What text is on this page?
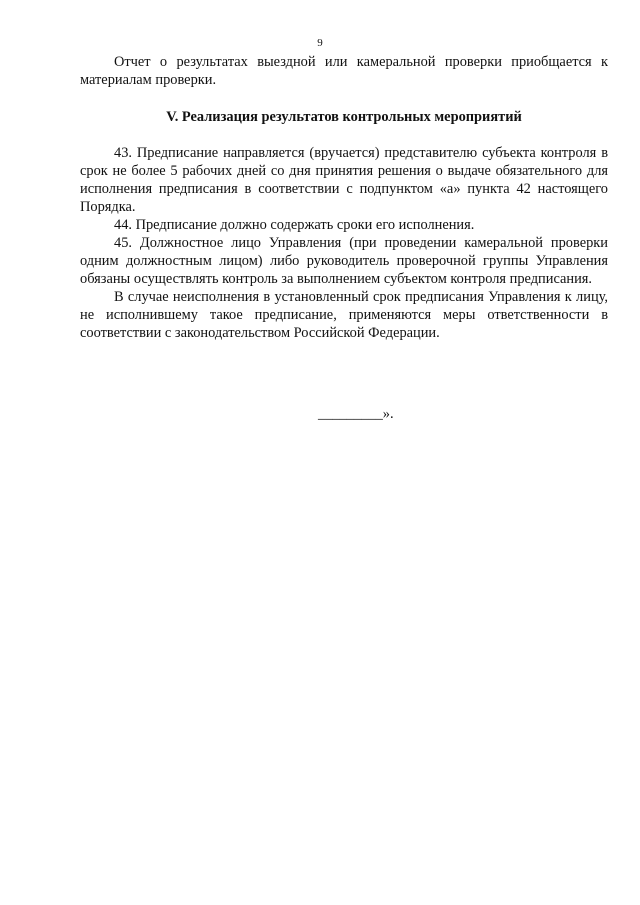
9

Отчет о результатах выездной или камеральной проверки приобщается к материалам проверки.

V. Реализация результатов контрольных мероприятий

43. Предписание направляется (вручается) представителю субъекта контроля в срок не более 5 рабочих дней со дня принятия решения о выдаче обязательного для исполнения предписания в соответствии с подпунктом «а» пункта 42 настоящего Порядка.

44. Предписание должно содержать сроки его исполнения.

45. Должностное лицо Управления (при проведении камеральной проверки одним должностным лицом) либо руководитель проверочной группы Управления обязаны осуществлять контроль за выполнением субъектом контроля предписания.

В случае неисполнения в установленный срок предписания Управления к лицу, не исполнившему такое предписание, применяются меры ответственности в соответствии с законодательством Российской Федерации.

_________».
